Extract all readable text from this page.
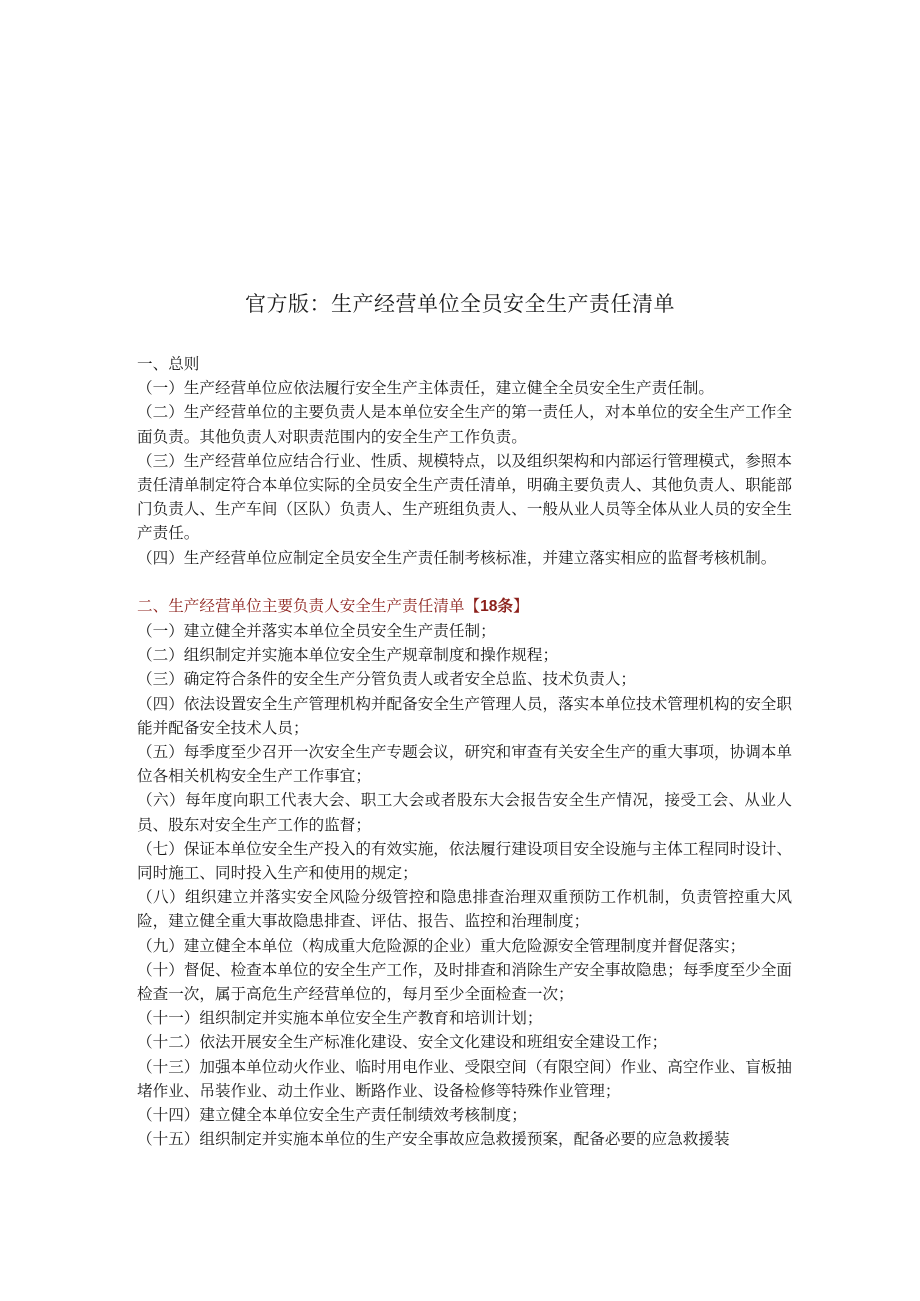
官方版：生产经营单位全员安全生产责任清单

一、总则

（一）生产经营单位应依法履行安全生产主体责任，建立健全全员安全生产责任制。

（二）生产经营单位的主要负责人是本单位安全生产的第一责任人，对本单位的安全生产工作全面负责。其他负责人对职责范围内的安全生产工作负责。

（三）生产经营单位应结合行业、性质、规模特点，以及组织架构和内部运行管理模式，参照本责任清单制定符合本单位实际的全员安全生产责任清单，明确主要负责人、其他负责人、职能部门负责人、生产车间（区队）负责人、生产班组负责人、一般从业人员等全体从业人员的安全生产责任。

（四）生产经营单位应制定全员安全生产责任制考核标准，并建立落实相应的监督考核机制。

二、生产经营单位主要负责人安全生产责任清单【18条】

（一）建立健全并落实本单位全员安全生产责任制；

（二）组织制定并实施本单位安全生产规章制度和操作规程；

（三）确定符合条件的安全生产分管负责人或者安全总监、技术负责人；

（四）依法设置安全生产管理机构并配备安全生产管理人员，落实本单位技术管理机构的安全职能并配备安全技术人员；

（五）每季度至少召开一次安全生产专题会议，研究和审查有关安全生产的重大事项，协调本单位各相关机构安全生产工作事宜；

（六）每年度向职工代表大会、职工大会或者股东大会报告安全生产情况，接受工会、从业人员、股东对安全生产工作的监督；

（七）保证本单位安全生产投入的有效实施，依法履行建设项目安全设施与主体工程同时设计、同时施工、同时投入生产和使用的规定；

（八）组织建立并落实安全风险分级管控和隐患排查治理双重预防工作机制，负责管控重大风险，建立健全重大事故隐患排查、评估、报告、监控和治理制度；

（九）建立健全本单位（构成重大危险源的企业）重大危险源安全管理制度并督促落实；

（十）督促、检查本单位的安全生产工作，及时排查和消除生产安全事故隐患；每季度至少全面检查一次，属于高危生产经营单位的，每月至少全面检查一次；

（十一）组织制定并实施本单位安全生产教育和培训计划；

（十二）依法开展安全生产标准化建设、安全文化建设和班组安全建设工作；

（十三）加强本单位动火作业、临时用电作业、受限空间（有限空间）作业、高空作业、盲板抽堵作业、吊装作业、动土作业、断路作业、设备检修等特殊作业管理；

（十四）建立健全本单位安全生产责任制绩效考核制度；

（十五）组织制定并实施本单位的生产安全事故应急救援预案，配备必要的应急救援装
